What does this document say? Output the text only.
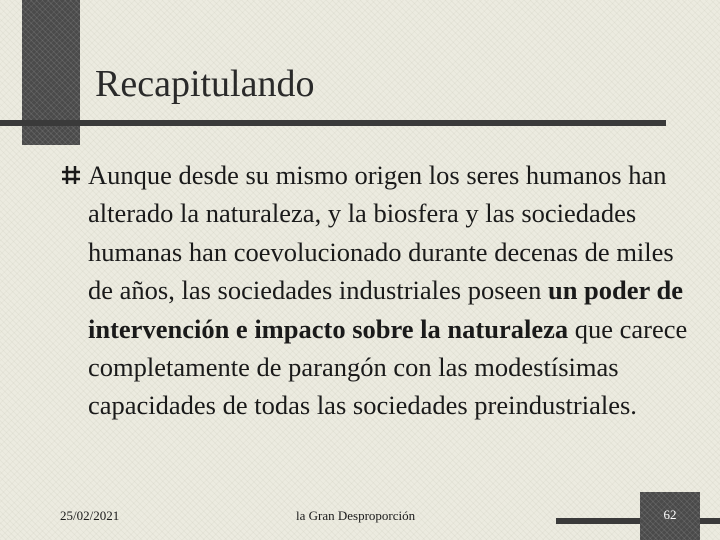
Recapitulando
Aunque desde su mismo origen los seres humanos han alterado la naturaleza, y la biosfera y las sociedades humanas han coevolucionado durante decenas de miles de años, las sociedades industriales poseen un poder de intervención e impacto sobre la naturaleza que carece completamente de parangón con las modestísimas capacidades de todas las sociedades preindustriales.
25/02/2021	la Gran Desproporción	62
